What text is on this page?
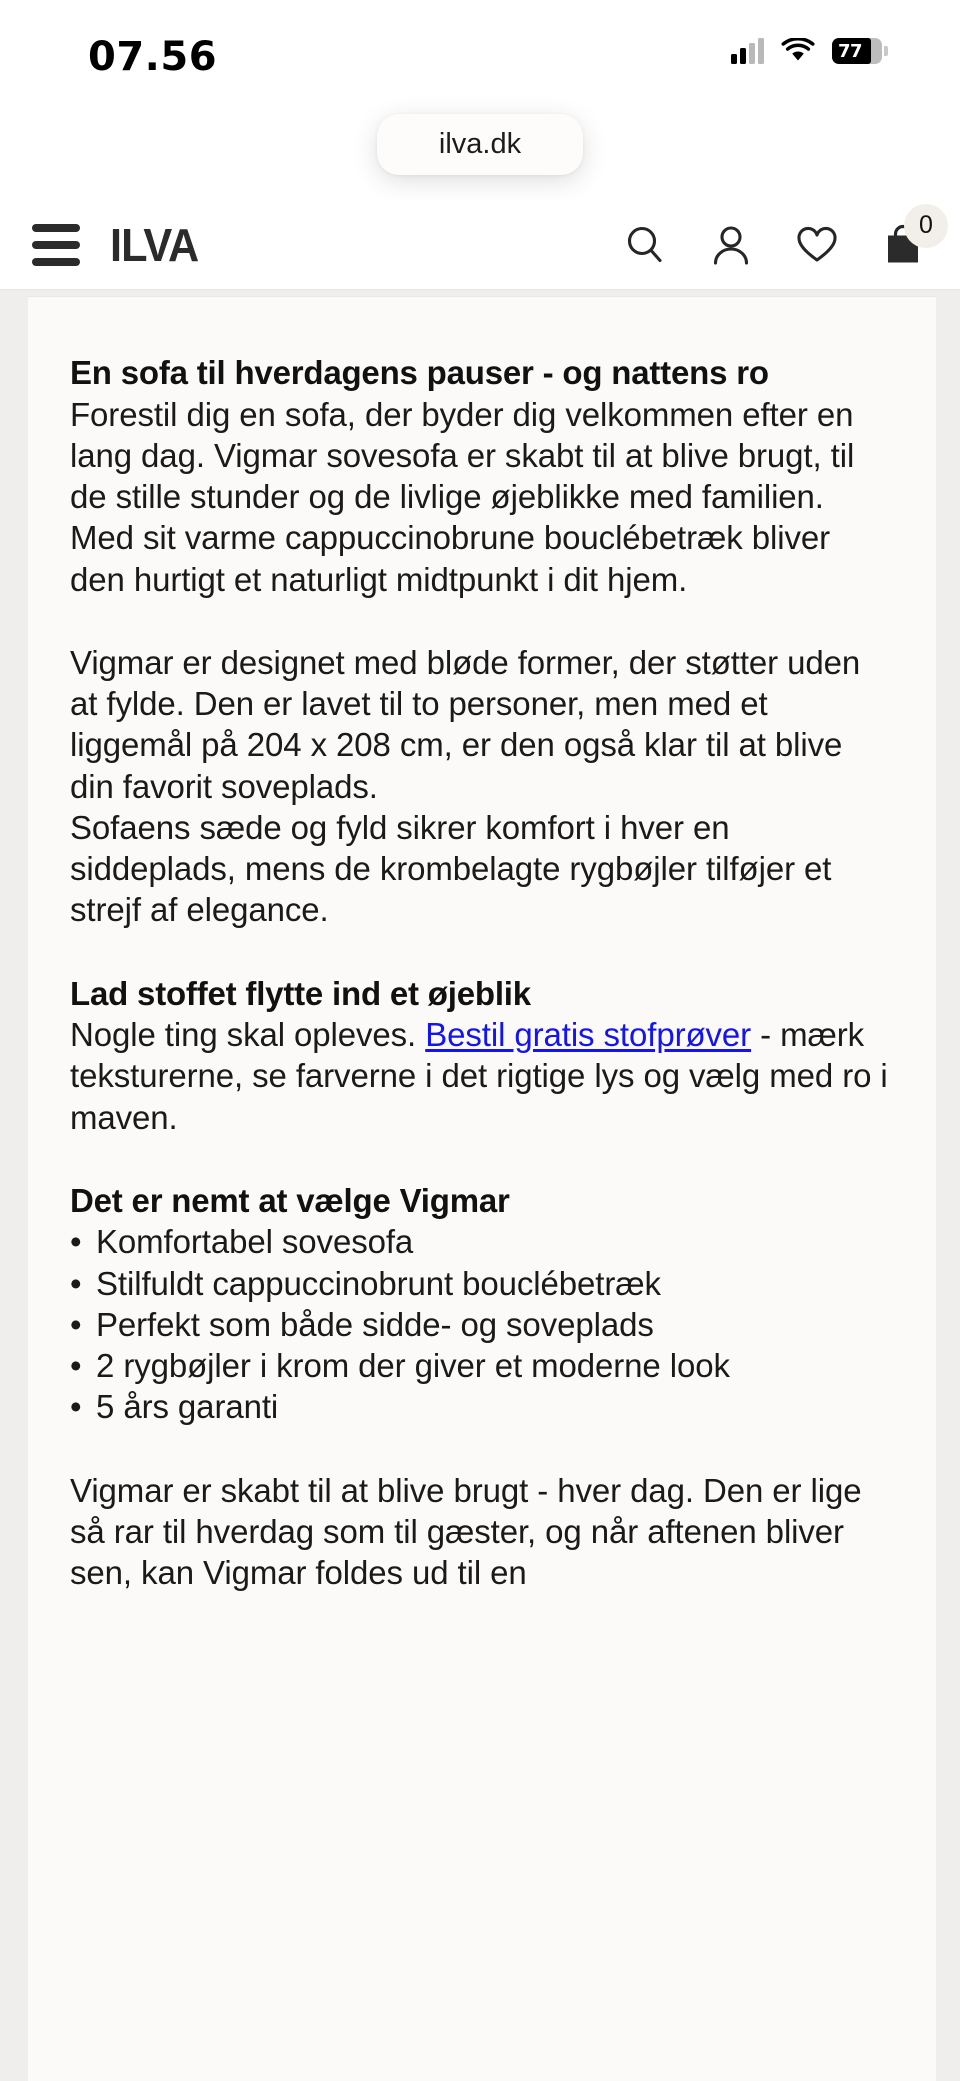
07.56	77
ilva.dk
ILVA	0
En sofa til hverdagens pauser - og nattens ro

Forestil dig en sofa, der byder dig velkommen efter en lang dag. Vigmar sovesofa er skabt til at blive brugt, til de stille stunder og de livlige øjeblikke med familien. Med sit varme cappuccinobrune bouclébetræk bliver den hurtigt et naturligt midtpunkt i dit hjem.

Vigmar er designet med bløde former, der støtter uden at fylde. Den er lavet til to personer, men med et liggemål på 204 x 208 cm, er den også klar til at blive din favorit soveplads.

Sofaens sæde og fyld sikrer komfort i hver en siddeplads, mens de krombelagte rygbøjler tilføjer et strejf af elegance.

Lad stoffet flytte ind et øjeblik

Nogle ting skal opleves. Bestil gratis stofprøver - mærk teksturerne, se farverne i det rigtige lys og vælg med ro i maven.

Det er nemt at vælge Vigmar
• Komfortabel sovesofa
• Stilfuldt cappuccinobrunt bouclébetræk
• Perfekt som både sidde- og soveplads
• 2 rygbøjler i krom der giver et moderne look
• 5 års garanti

Vigmar er skabt til at blive brugt - hver dag. Den er lige så rar til hverdag som til gæster, og når aftenen bliver sen, kan Vigmar foldes ud til en
